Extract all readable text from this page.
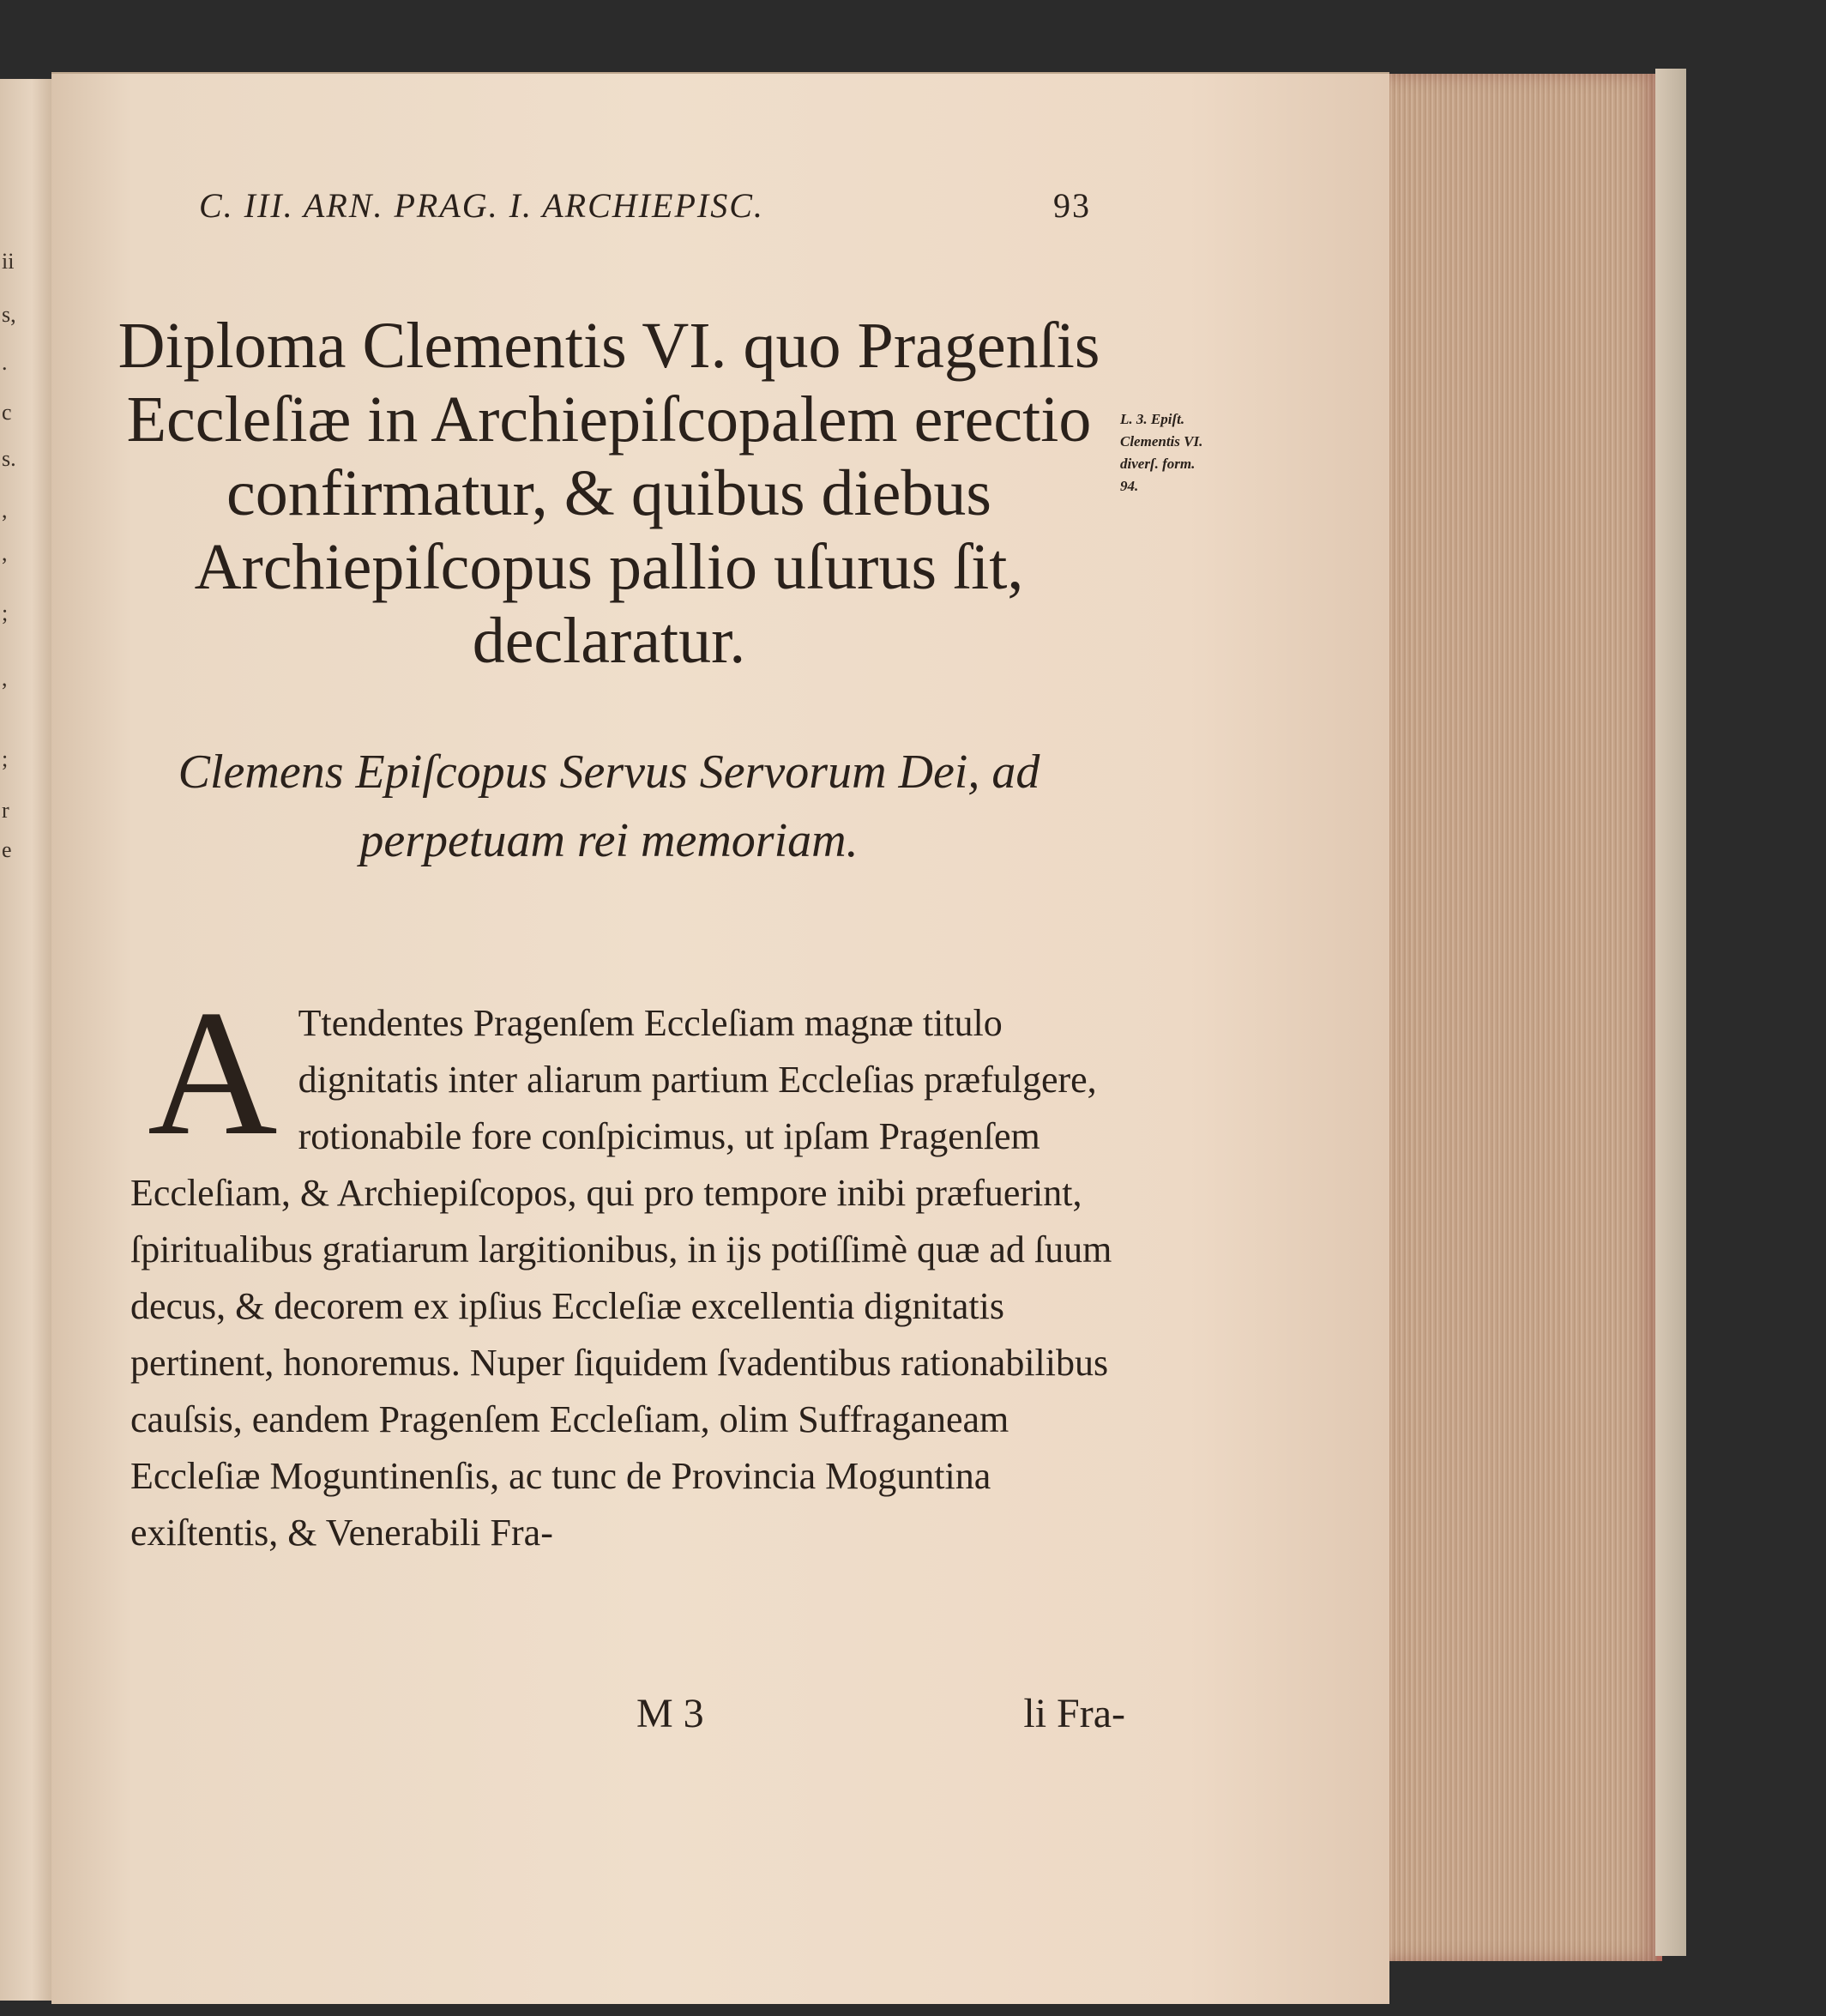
ii
s,
.
c
s.
,
,
;
,
;
r
e
C. III. ARN. PRAG. I. ARCHIEPISC.	93
Diploma Clementis VI. quo Pragenſis Eccleſiæ in Archiepiſcopalem erectio confirmatur, & quibus diebus Archiepiſcopus pallio uſurus ſit, declaratur.
L. 3. Epiſt.
Clementis VI.
diverſ. form.
94.
Clemens Epiſcopus Servus Servorum Dei, ad perpetuam rei memoriam.
A Ttendentes Pragenſem Eccleſiam magnæ titulo dignitatis inter aliarum partium Eccleſias præfulgere, rotionabile fore conſpicimus, ut ipſam Pragenſem Eccleſiam, & Archiepiſcopos, qui pro tempore inibi præfuerint, ſpiritualibus gratiarum largitionibus, in ijs potiſſimè quæ ad ſuum decus, & decorem ex ipſius Eccleſiæ excellentia dignitatis pertinent, honoremus. Nuper ſiquidem ſvadentibus rationabilibus cauſsis, eandem Pragenſem Eccleſiam, olim Suffraganeam Eccleſiæ Moguntinenſis, ac tunc de Provincia Moguntina exiſtentis, & Venerabili Fra-
M 3	li Fra-
